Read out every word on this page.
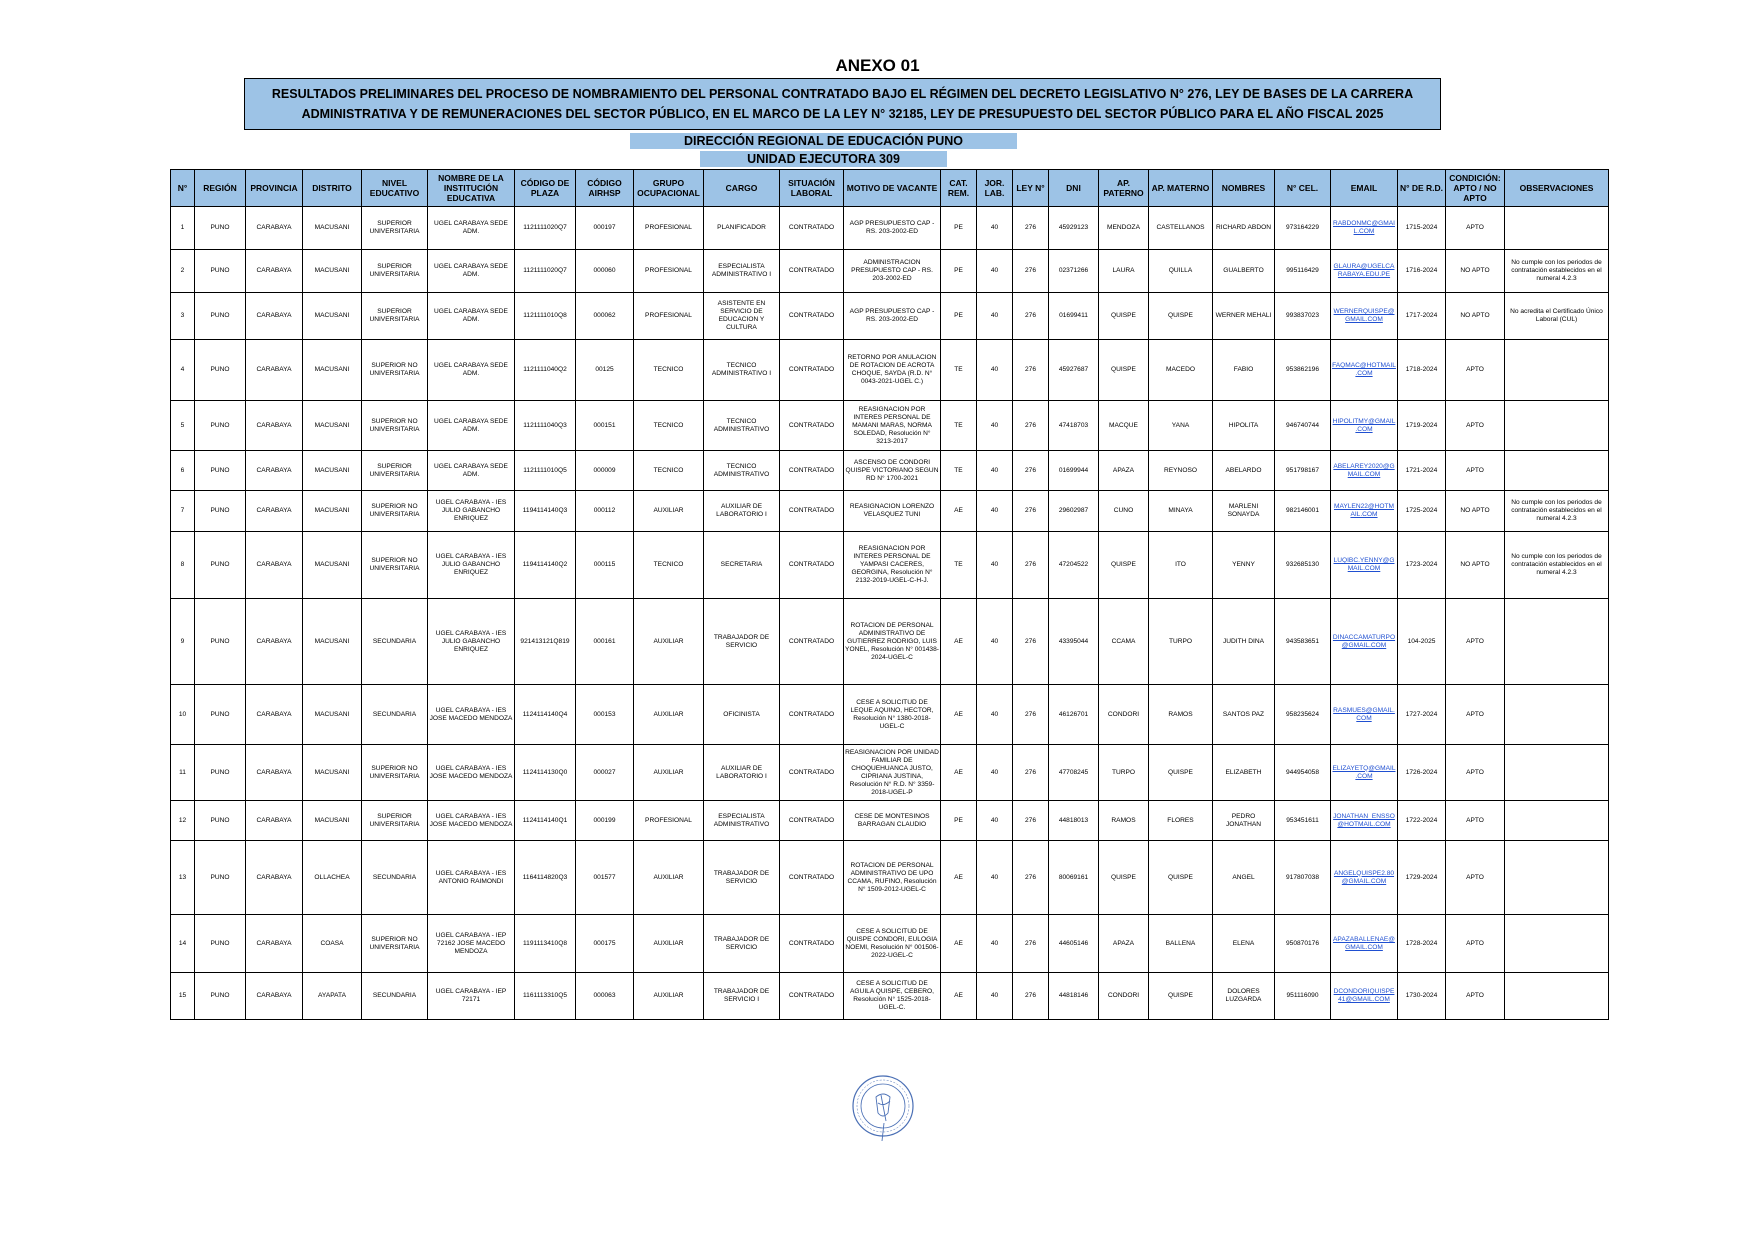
ANEXO 01
RESULTADOS PRELIMINARES DEL PROCESO DE NOMBRAMIENTO DEL PERSONAL CONTRATADO BAJO EL RÉGIMEN DEL DECRETO LEGISLATIVO N° 276, LEY DE BASES DE LA CARRERA
ADMINISTRATIVA Y DE REMUNERACIONES DEL SECTOR PÚBLICO, EN EL MARCO DE LA LEY N° 32185, LEY DE PRESUPUESTO DEL SECTOR PÚBLICO PARA EL AÑO FISCAL 2025
DIRECCIÓN REGIONAL DE EDUCACIÓN PUNO
UNIDAD EJECUTORA 309
N°	REGIÓN	PROVINCIA	DISTRITO	NIVEL EDUCATIVO	NOMBRE DE LA INSTITUCIÓN EDUCATIVA	CÓDIGO DE PLAZA	CÓDIGO AIRHSP	GRUPO OCUPACIONAL	CARGO	SITUACIÓN LABORAL	MOTIVO DE VACANTE	CAT. REM.	JOR. LAB.	LEY N°	DNI	AP. PATERNO	AP. MATERNO	NOMBRES	N° CEL.	EMAIL	N° DE R.D.	CONDICIÓN: APTO / NO APTO	OBSERVACIONES
1	PUNO	CARABAYA	MACUSANI	SUPERIOR UNIVERSITARIA	UGEL CARABAYA SEDE ADM.	1121111020Q7	000197	PROFESIONAL	PLANIFICADOR	CONTRATADO	AGP PRESUPUESTO CAP - RS. 203-2002-ED	PE	40	276	45929123	MENDOZA	CASTELLANOS	RICHARD ABDON	973164229	RABDONMC@GMAIL.COM	1715-2024	APTO	
2	PUNO	CARABAYA	MACUSANI	SUPERIOR UNIVERSITARIA	UGEL CARABAYA SEDE ADM.	1121111020Q7	000060	PROFESIONAL	ESPECIALISTA ADMINISTRATIVO I	CONTRATADO	ADMINISTRACION PRESUPUESTO CAP - RS. 203-2002-ED	PE	40	276	02371266	LAURA	QUILLA	GUALBERTO	995116429	GLAURA@UGELCARABAYA.EDU.PE	1716-2024	NO APTO	No cumple con los periodos de contratación establecidos en el numeral 4.2.3
3	PUNO	CARABAYA	MACUSANI	SUPERIOR UNIVERSITARIA	UGEL CARABAYA SEDE ADM.	1121111010Q8	000062	PROFESIONAL	ASISTENTE EN SERVICIO DE EDUCACION Y CULTURA	CONTRATADO	AGP PRESUPUESTO CAP - RS. 203-2002-ED	PE	40	276	01699411	QUISPE	QUISPE	WERNER MEHALI	993837023	WERNERQUISPE@GMAIL.COM	1717-2024	NO APTO	No acredita el Certificado Único Laboral (CUL)
4	PUNO	CARABAYA	MACUSANI	SUPERIOR NO UNIVERSITARIA	UGEL CARABAYA SEDE ADM.	1121111040Q2	00125	TECNICO	TECNICO ADMINISTRATIVO I	CONTRATADO	RETORNO POR ANULACION DE ROTACION DE ACROTA CHOQUE, SAYDA (R.D. N° 0043-2021-UGEL C.)	TE	40	276	45927687	QUISPE	MACEDO	FABIO	953862196	FAQMAC@HOTMAIL.COM	1718-2024	APTO	
5	PUNO	CARABAYA	MACUSANI	SUPERIOR NO UNIVERSITARIA	UGEL CARABAYA SEDE ADM.	1121111040Q3	000151	TECNICO	TECNICO ADMINISTRATIVO	CONTRATADO	REASIGNACION POR INTERES PERSONAL DE MAMANI MARAS, NORMA SOLEDAD, Resolución N° 3213-2017	TE	40	276	47418703	MACQUE	YANA	HIPOLITA	946740744	HIPOLITMY@GMAIL.COM	1719-2024	APTO	
6	PUNO	CARABAYA	MACUSANI	SUPERIOR UNIVERSITARIA	UGEL CARABAYA SEDE ADM.	1121111010Q5	000009	TECNICO	TECNICO ADMINISTRATIVO	CONTRATADO	ASCENSO DE CONDORI QUISPE VICTORIANO SEGUN RD N° 1700-2021	TE	40	276	01699944	APAZA	REYNOSO	ABELARDO	951798167	ABELAREY2020@GMAIL.COM	1721-2024	APTO	
7	PUNO	CARABAYA	MACUSANI	SUPERIOR NO UNIVERSITARIA	UGEL CARABAYA - IES JULIO GABANCHO ENRIQUEZ	1194114140Q3	000112	AUXILIAR	AUXILIAR DE LABORATORIO I	CONTRATADO	REASIGNACION LORENZO VELASQUEZ TUNI	AE	40	276	29602987	CUNO	MINAYA	MARLENI SONAYDA	982146001	MAYLEN22@HOTMAIL.COM	1725-2024	NO APTO	No cumple con los periodos de contratación establecidos en el numeral 4.2.3
8	PUNO	CARABAYA	MACUSANI	SUPERIOR NO UNIVERSITARIA	UGEL CARABAYA - IES JULIO GABANCHO ENRIQUEZ	1194114140Q2	000115	TECNICO	SECRETARIA	CONTRATADO	REASIGNACION POR INTERES PERSONAL DE YAMPASI CACERES, GEORGINA, Resolución N° 2132-2019-UGEL-C-H-J.	TE	40	276	47204522	QUISPE	ITO	YENNY	932685130	LUQIBC.YENNY@GMAIL.COM	1723-2024	NO APTO	No cumple con los periodos de contratación establecidos en el numeral 4.2.3
9	PUNO	CARABAYA	MACUSANI	SECUNDARIA	UGEL CARABAYA - IES JULIO GABANCHO ENRIQUEZ	921413121Q819	000161	AUXILIAR	TRABAJADOR DE SERVICIO	CONTRATADO	ROTACION DE PERSONAL ADMINISTRATIVO DE GUTIERREZ RODRIGO, LUIS YONEL, Resolución N° 001438-2024-UGEL-C	AE	40	276	43395044	CCAMA	TURPO	JUDITH DINA	943583651	DINACCAMATURPO@GMAIL.COM	104-2025	APTO	
10	PUNO	CARABAYA	MACUSANI	SECUNDARIA	UGEL CARABAYA - IES JOSE MACEDO MENDOZA	1124114140Q4	000153	AUXILIAR	OFICINISTA	CONTRATADO	CESE A SOLICITUD DE LEQUE AQUINO, HECTOR, Resolución N° 1380-2018-UGEL-C	AE	40	276	46126701	CONDORI	RAMOS	SANTOS PAZ	958235624	RASMUES@GMAIL.COM	1727-2024	APTO	
11	PUNO	CARABAYA	MACUSANI	SUPERIOR NO UNIVERSITARIA	UGEL CARABAYA - IES JOSE MACEDO MENDOZA	1124114130Q0	000027	AUXILIAR	AUXILIAR DE LABORATORIO I	CONTRATADO	REASIGNACION POR UNIDAD FAMILIAR DE CHOQUEHUANCA JUSTO, CIPRIANA JUSTINA, Resolución N° R.D. N° 3359-2018-UGEL-P	AE	40	276	47708245	TURPO	QUISPE	ELIZABETH	944954058	ELIZAYETQ@GMAIL.COM	1726-2024	APTO	
12	PUNO	CARABAYA	MACUSANI	SUPERIOR UNIVERSITARIA	UGEL CARABAYA - IES JOSE MACEDO MENDOZA	1124114140Q1	000199	PROFESIONAL	ESPECIALISTA ADMINISTRATIVO	CONTRATADO	CESE DE MONTESINOS BARRAGAN CLAUDIO	PE	40	276	44818013	RAMOS	FLORES	PEDRO JONATHAN	953451611	JONATHAN_ENSSO@HOTMAIL.COM	1722-2024	APTO	
13	PUNO	CARABAYA	OLLACHEA	SECUNDARIA	UGEL CARABAYA - IES ANTONIO RAIMONDI	1164114820Q3	001577	AUXILIAR	TRABAJADOR DE SERVICIO	CONTRATADO	ROTACION DE PERSONAL ADMINISTRATIVO DE UPO CCAMA, RUFINO, Resolución N° 1509-2012-UGEL-C	AE	40	276	80069161	QUISPE	QUISPE	ANGEL	917807038	ANGELQUISPE2.80@GMAIL.COM	1729-2024	APTO	
14	PUNO	CARABAYA	COASA	SUPERIOR NO UNIVERSITARIA	UGEL CARABAYA - IEP 72162 JOSE MACEDO MENDOZA	1191113410Q8	000175	AUXILIAR	TRABAJADOR DE SERVICIO	CONTRATADO	CESE A SOLICITUD DE QUISPE CONDORI, EULOGIA NOEMI, Resolución N° 001506-2022-UGEL-C	AE	40	276	44605146	APAZA	BALLENA	ELENA	950870176	APAZABALLENAE@GMAIL.COM	1728-2024	APTO	
15	PUNO	CARABAYA	AYAPATA	SECUNDARIA	UGEL CARABAYA - IEP 72171	1161113310Q5	000063	AUXILIAR	TRABAJADOR DE SERVICIO I	CONTRATADO	CESE A SOLICITUD DE AGUILA QUISPE, CEBERO, Resolución N° 1525-2018-UGEL-C.	AE	40	276	44818146	CONDORI	QUISPE	DOLORES LUZGARDA	951116090	DCONDORIQUISPE41@GMAIL.COM	1730-2024	APTO	
